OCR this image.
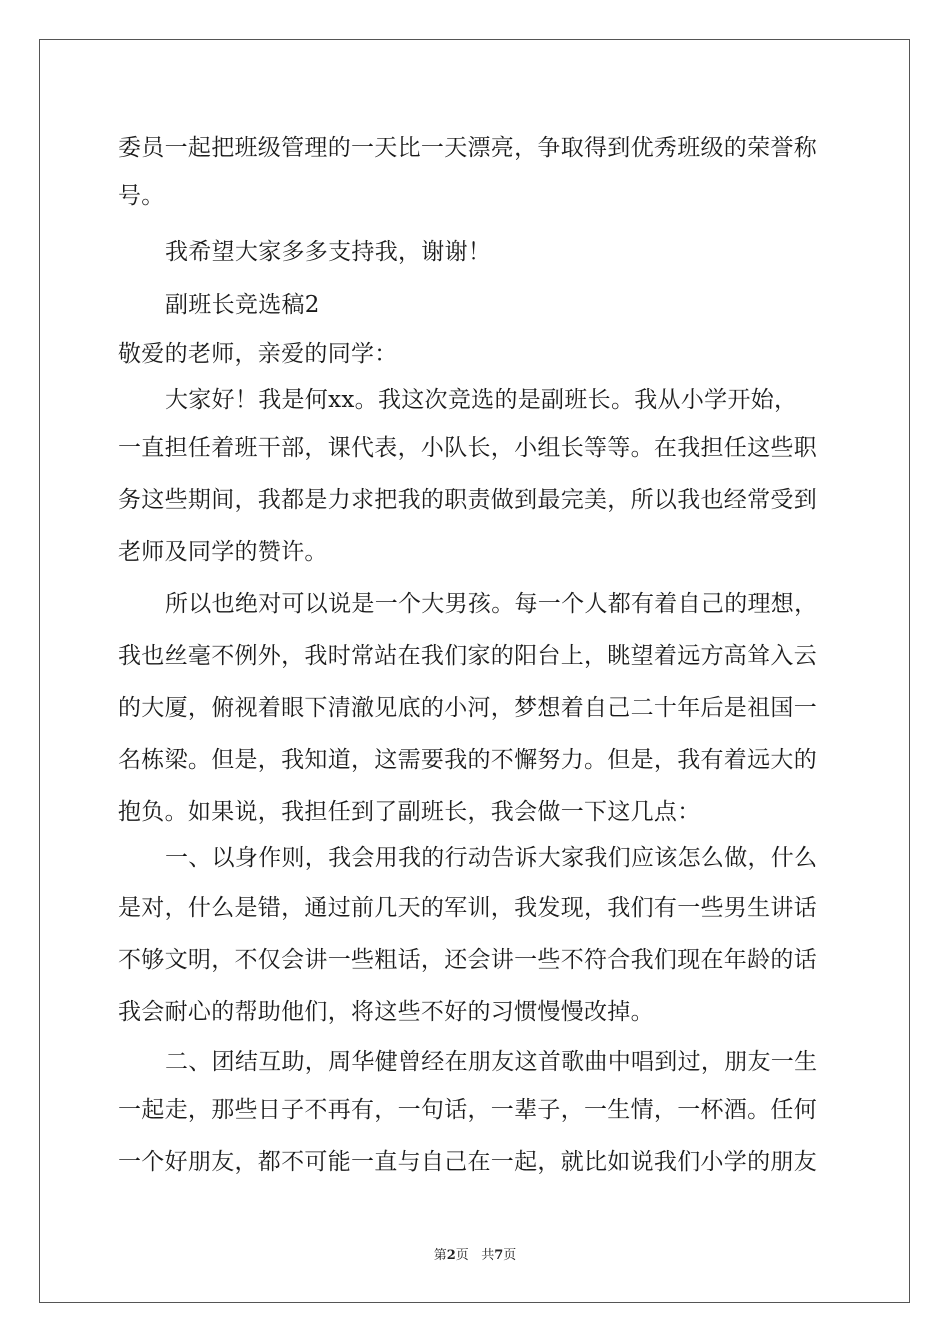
委员一起把班级管理的一天比一天漂亮，争取得到优秀班级的荣誉称
号。
我希望大家多多支持我，谢谢！
副班长竞选稿2
敬爱的老师，亲爱的同学：
大家好！我是何xx。我这次竞选的是副班长。我从小学开始，
一直担任着班干部，课代表，小队长，小组长等等。在我担任这些职
务这些期间，我都是力求把我的职责做到最完美，所以我也经常受到
老师及同学的赞许。
所以也绝对可以说是一个大男孩。每一个人都有着自己的理想，
我也丝毫不例外，我时常站在我们家的阳台上，眺望着远方高耸入云
的大厦，俯视着眼下清澈见底的小河，梦想着自己二十年后是祖国一
名栋梁。但是，我知道，这需要我的不懈努力。但是，我有着远大的
抱负。如果说，我担任到了副班长，我会做一下这几点：
一、以身作则，我会用我的行动告诉大家我们应该怎么做，什么
是对，什么是错，通过前几天的军训，我发现，我们有一些男生讲话
不够文明，不仅会讲一些粗话，还会讲一些不符合我们现在年龄的话
我会耐心的帮助他们，将这些不好的习惯慢慢改掉。
二、团结互助，周华健曾经在朋友这首歌曲中唱到过，朋友一生
一起走，那些日子不再有，一句话，一辈子，一生情，一杯酒。任何
一个好朋友，都不可能一直与自己在一起，就比如说我们小学的朋友
第2页   共7页
